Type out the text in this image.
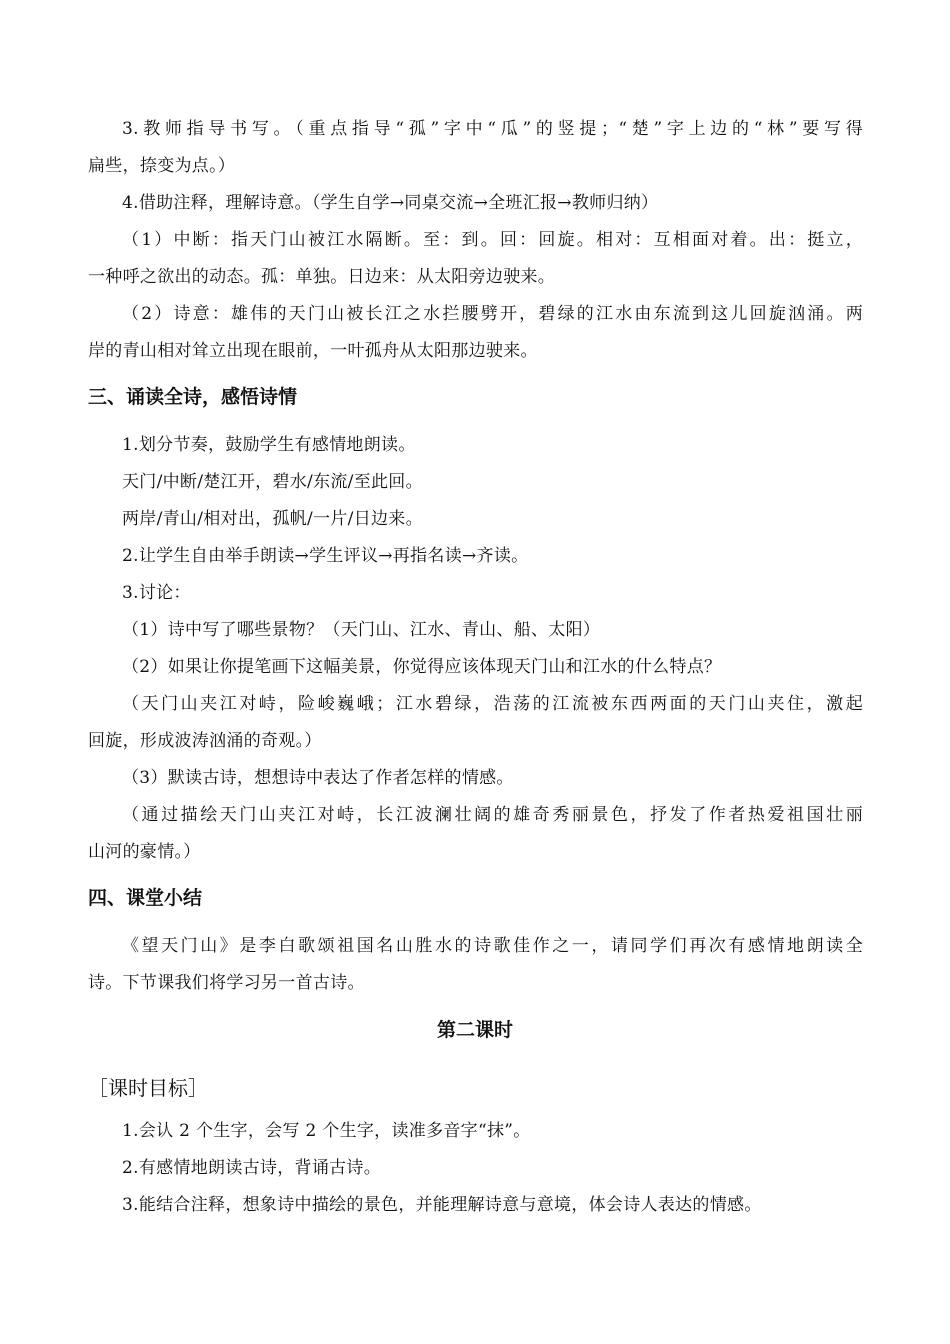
3.教师指导书写。（重点指导“孤”字中“瓜”的竖提；“楚”字上边的“林”要写得
扁些，捺变为点。）
4.借助注释，理解诗意。（学生自学→同桌交流→全班汇报→教师归纳）
（1）中断：指天门山被江水隔断。至：到。回：回旋。相对：互相面对着。出：挺立，
一种呼之欲出的动态。孤：单独。日边来：从太阳旁边驶来。
（2）诗意：雄伟的天门山被长江之水拦腰劈开，碧绿的江水由东流到这儿回旋汹涌。两
岸的青山相对耸立出现在眼前，一叶孤舟从太阳那边驶来。
三、诵读全诗，感悟诗情
1.划分节奏，鼓励学生有感情地朗读。
天门/中断/楚江开，碧水/东流/至此回。
两岸/青山/相对出，孤帆/一片/日边来。
2.让学生自由举手朗读→学生评议→再指名读→齐读。
3.讨论：
（1）诗中写了哪些景物？（天门山、江水、青山、船、太阳）
（2）如果让你提笔画下这幅美景，你觉得应该体现天门山和江水的什么特点？
（天门山夹江对峙，险峻巍峨；江水碧绿，浩荡的江流被东西两面的天门山夹住，激起
回旋，形成波涛汹涌的奇观。）
（3）默读古诗，想想诗中表达了作者怎样的情感。
（通过描绘天门山夹江对峙，长江波澜壮阔的雄奇秀丽景色，抒发了作者热爱祖国壮丽
山河的豪情。）
四、课堂小结
《望天门山》是李白歌颂祖国名山胜水的诗歌佳作之一，请同学们再次有感情地朗读全
诗。下节课我们将学习另一首古诗。
第二课时
［课时目标］
1.会认 2 个生字，会写 2 个生字，读准多音字“抹”。
2.有感情地朗读古诗，背诵古诗。
3.能结合注释，想象诗中描绘的景色，并能理解诗意与意境，体会诗人表达的情感。
